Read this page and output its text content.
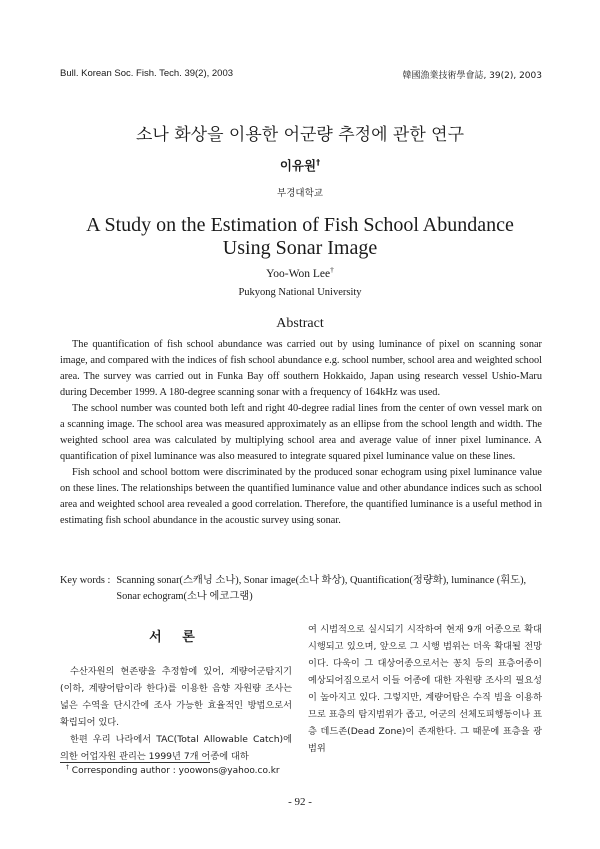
Bull. Korean Soc. Fish. Tech. 39(2), 2003	韓國漁業技術學會誌, 39(2), 2003
소나 화상을 이용한 어군량 추정에 관한 연구
이유원†
부경대학교
A Study on the Estimation of Fish School Abundance
Using Sonar Image
Yoo-Won Lee†
Pukyong National University
Abstract

The quantification of fish school abundance was carried out by using luminance of pixel on scanning sonar image, and compared with the indices of fish school abundance e.g. school number, school area and weighted school area. The survey was carried out in Funka Bay off southern Hokkaido, Japan using research vessel Ushio-Maru during December 1999. A 180-degree scanning sonar with a frequency of 164kHz was used.

The school number was counted both left and right 40-degree radial lines from the center of own vessel mark on a scanning image. The school area was measured approximately as an ellipse from the school length and width. The weighted school area was calculated by multiplying school area and average value of inner pixel luminance. A quantification of pixel luminance was also measured to integrate squared pixel luminance value on these lines.

Fish school and school bottom were discriminated by the produced sonar echogram using pixel luminance value on these lines. The relationships between the quantified luminance value and other abundance indices such as school area and weighted school area revealed a good correlation. Therefore, the quantified luminance is a useful method in estimating fish school abundance in the acoustic survey using sonar.

Key words : Scanning sonar(스캐닝 소나), Sonar image(소나 화상), Quantification(정량화), luminance (휘도), Sonar echogram(소나 에코그램)
서 론

수산자원의 현존량을 추정함에 있어, 계량어군탐지기(이하, 계량어탐이라 한다)를 이용한 음향 자원량 조사는 넓은 수역을 단시간에 조사 가능한 효율적인 방법으로서 확립되어 있다.

한편 우리 나라에서 TAC(Total Allowable Catch)에 의한 어업자원 관리는 1999년 7개 어종에 대하

여 시범적으로 실시되기 시작하여 현재 9개 어종으로 확대 시행되고 있으며, 앞으로 그 시행 범위는 더욱 확대될 전망이다. 다욱이 그 대상어종으로서는 꽁치 등의 표층어종이 예상되어짐으로서 이들 어종에 대한 자원량 조사의 필요성이 높아지고 있다. 그렇지만, 계량어탐은 수직 빔을 이용하므로 표층의 탐지범위가 좁고, 어군의 선체도피행동이나 표층 데드존(Dead Zone)이 존재한다. 그 때문에 표층을 광범위

† Corresponding author : yoowons@yahoo.co.kr
- 92 -
